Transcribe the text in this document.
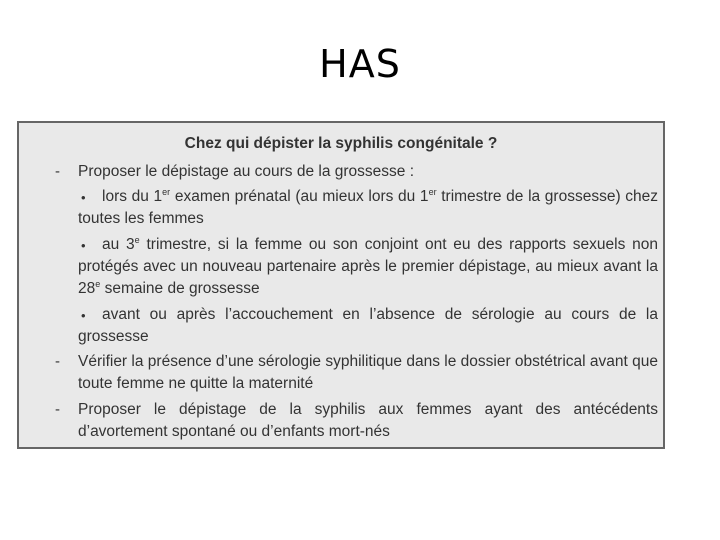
HAS
Chez qui dépister la syphilis congénitale ?
- Proposer le dépistage au cours de la grossesse :
•	lors du 1er examen prénatal (au mieux lors du 1er trimestre de la grossesse) chez toutes les femmes
•	au 3e trimestre, si la femme ou son conjoint ont eu des rapports sexuels non protégés avec un nouveau partenaire après le premier dépistage, au mieux avant la 28e semaine de grossesse
•	avant ou après l’accouchement en l’absence de sérologie au cours de la grossesse
- Vérifier la présence d’une sérologie syphilitique dans le dossier obstétrical avant que toute femme ne quitte la maternité
- Proposer le dépistage de la syphilis aux femmes ayant des antécédents d’avortement spontané ou d’enfants mort-nés
